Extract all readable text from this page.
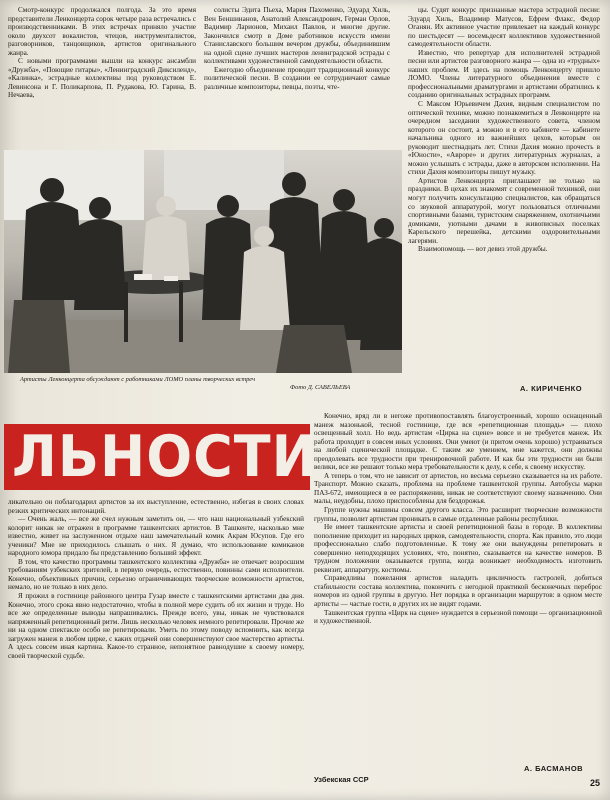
Смотр-конкурс продолжался полгода. За это время представители Ленконцерта сорок четыре раза встречались с производственниками. В этих встречах приняло участие около двухсот вокалистов, чтецов, инструменталистов, разговорников, танцовщиков, артистов оригинального жанра.

С новыми программами вышли на конкурс ансамбли «Дружба», «Поющие гитары», «Ленинградский Диксиленд», «Калинка», эстрадные коллективы под руководством Е. Левинсона и Г. Поликарпова, П. Рудакова, Ю. Гарина, В. Нечаева,

солисты Эдита Пьеха, Мария Пахоменко, Эдуард Хиль, Вен Беншинанов, Анатолий Александрович, Герман Орлов, Вадимир Ларионов, Михаил Павлов, и многие другие. Закончился смотр в Доме работников искусств имени Станиславского большим вечером дружбы, объединившим на одной сцене лучших мастеров ленинградской эстрады с коллективами художественной самодеятельности области.

Ежегодно объединение проводит традиционный конкурс политической песни. В создании ее сотрудничают самые различные композиторы, певцы, поэты, чте-

цы. Судят конкурс признанные мастера эстрадной песни: Эдуард Хиль, Владимир Матусов, Ефрем Флакс, Федор Оганян. Их активное участие привлекает на каждый конкурс по шестьдесят — восемьдесят коллективов художественной самодеятельности области.

Известно, что репертуар для исполнителей эстрадной песни или артистов разговорного жанра — одна из «трудных» наших проблем. И здесь на помощь Ленконцерту пришло ЛОМО. Члены литературного объединения вместе с профессиональными драматургами и артистами обратились к созданию оригинальных эстрадных программ.

С Максом Юрьевичем Дахия, видным специалистом по оптической технике, можно познакомиться в Ленконцерте на очередном заседании художественного совета, членом которого он состоит, а можно и в его кабинете — кабинете начальника одного из важнейших цехов, которым он руководит шестнадцать лет. Стихи Дахия можно прочесть в «Юности», «Авроре» и других литературных журналах, а можно услышать с эстрады, даже в авторском исполнении. На стихи Дахия композиторы пишут музыку.

Артистов Ленконцерта приглашают не только на праздники. В цехах их знакомят с современной техникой, они могут получить консультацию специалистов, как обращаться со звуковой аппаратурой, могут пользоваться отличными спортивными базами, туристским снаряжением, охотничьими домиками, уютными дачами в живописных поселках Карельского перешейка, детскими оздоровительными лагерями.

Взаимопомощь — вот девиз этой дружбы.

А. КИРИЧЕНКО
Артисты Ленконцерта обсуждают с работниками ЛОМО планы творческих встреч
Фото Д. САВЕЛЬЕВА
ЛЬНОСТИ

ликательно он поблагодарил артистов за их выступление, естественно, избегая в своих словах резких критических интонаций.

— Очень жаль, — все же счел нужным заметить он, — что наш национальный узбекский колорит никак не отражен в программе ташкентских артистов. В Ташкенте, насколько мне известно, живет на заслуженном отдыхе наш замечательный комик Акрам Юсупов. Где его ученики? Мне не приходилось слышать о них. Я думаю, что использование комиканов народного юмора придало бы представлению больший эффект.

В том, что качество программы ташкентского коллектива «Дружба» не отвечает возросшим требованиям узбекских зрителей, в первую очередь, естественно, повинны сами исполнители. Конечно, объективных причин, серьезно ограничивающих творческие возможности артистов, немало, но не только в них дело.

Я прожил в гостинице районного центра Гузар вместе с ташкентскими артистами два дня. Конечно, этого срока явно недостаточно, чтобы в полной мере судить об их жизни и труде. Но все же определенные выводы напрашивались. Прежде всего, увы, никак не чувствовался напряженный репетиционный ритм. Лишь несколько человек немного репетировали. Прочие же ни на одном спектакле особо не репетировали. Уметь по этому поводу вспомнить, как всегда загружен манеж в любом цирке, с каких отдачей они совершенствуют свое мастерство артисты. А здесь совсем иная картина. Какое-то странное, непонятное равнодушие к своему номеру, своей творческой судьбе.

Конечно, вряд ли в негоже противопоставлять благоустроенный, хорошо оснащенный манеж мазонькой, тесной гостинице, где вся «репетиционная площадь» — плохо освещенный холл. Но ведь артистам «Цирка на сцене» вовсе и не требуется манеж. Их работа проходит в совсем иных условиях. Они умеют (и притом очень хорошо) устраиваться на любой сценической площадке. С таким же умением, мне кажется, они должны преодолевать все трудности при тренировочной работе. И как бы эти трудности ни были велики, все же решают только мера требовательности к делу, к себе, к своему искусству.

А теперь о том, что не зависит от артистов, но весьма серьезно сказывается на их работе. Транспорт. Можно сказать, проблема на проблеме ташкентской группы. Автобусы марки ПАЗ-672, имеющиеся в ее распоряжении, никак не соответствуют своему назначению. Они малы, неудобны, плохо приспособлены для бездорожья.

Группе нужны машины совсем другого класса. Это расширит творческие возможности группы, позволит артистам проникать в самые отдаленные районы республики.

Не имеет ташкентские артисты и своей репетиционной базы в городе. В коллективы пополнение приходит из народных цирков, самодеятельности, спорта. Как правило, это люди профессионально слабо подготовленные. К тому же они вынуждены репетировать в совершенно неподходящих условиях, что, понятно, сказывается на качестве номеров. В трудном положении оказывается группа, когда возникает необходимость изготовить реквизит, аппаратуру, костюмы.

Справедливы пожелания артистов наладить цикличность гастролей, добиться стабильности состава коллектива, покончить с негодной практикой бесконечных переброс номеров из одной группы в другую. Нет порядка в организации маршрутов: в одном месте артисты — частые гости, в других их не видят годами.

Ташкентская группа «Цирк на сцене» нуждается в серьезной помощи — организационной и художественной.

А. БАСМАНОВ
Узбекская ССР	25
